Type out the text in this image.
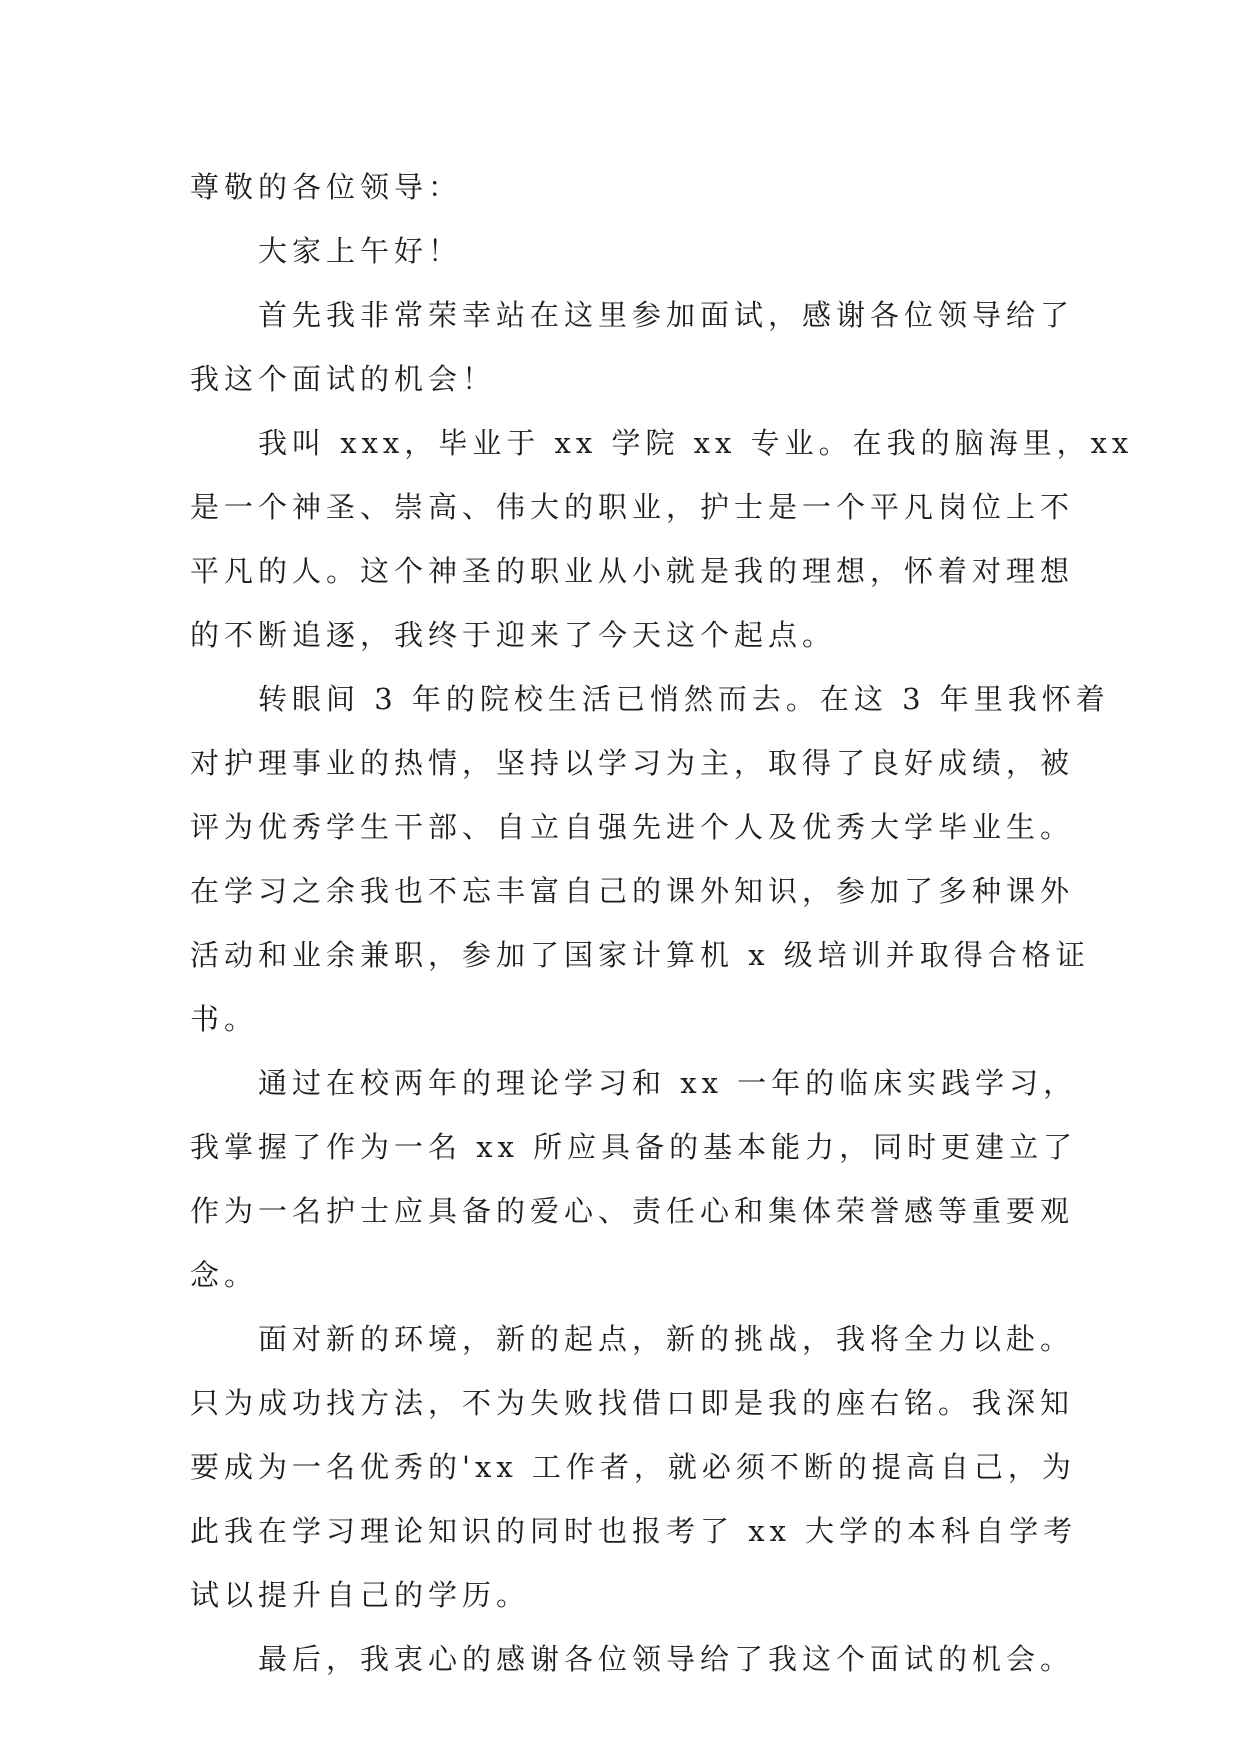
尊敬的各位领导：
大家上午好！
首先我非常荣幸站在这里参加面试，感谢各位领导给了
我这个面试的机会！
我叫 xxx，毕业于 xx 学院 xx 专业。在我的脑海里，xx
是一个神圣、崇高、伟大的职业，护士是一个平凡岗位上不
平凡的人。这个神圣的职业从小就是我的理想，怀着对理想
的不断追逐，我终于迎来了今天这个起点。
转眼间 3 年的院校生活已悄然而去。在这 3 年里我怀着
对护理事业的热情，坚持以学习为主，取得了良好成绩，被
评为优秀学生干部、自立自强先进个人及优秀大学毕业生。
在学习之余我也不忘丰富自己的课外知识，参加了多种课外
活动和业余兼职，参加了国家计算机 x 级培训并取得合格证
书。
通过在校两年的理论学习和 xx 一年的临床实践学习，
我掌握了作为一名 xx 所应具备的基本能力，同时更建立了
作为一名护士应具备的爱心、责任心和集体荣誉感等重要观
念。
面对新的环境，新的起点，新的挑战，我将全力以赴。
只为成功找方法，不为失败找借口即是我的座右铭。我深知
要成为一名优秀的'xx 工作者，就必须不断的提高自己，为
此我在学习理论知识的同时也报考了 xx 大学的本科自学考
试以提升自己的学历。
最后，我衷心的感谢各位领导给了我这个面试的机会。
